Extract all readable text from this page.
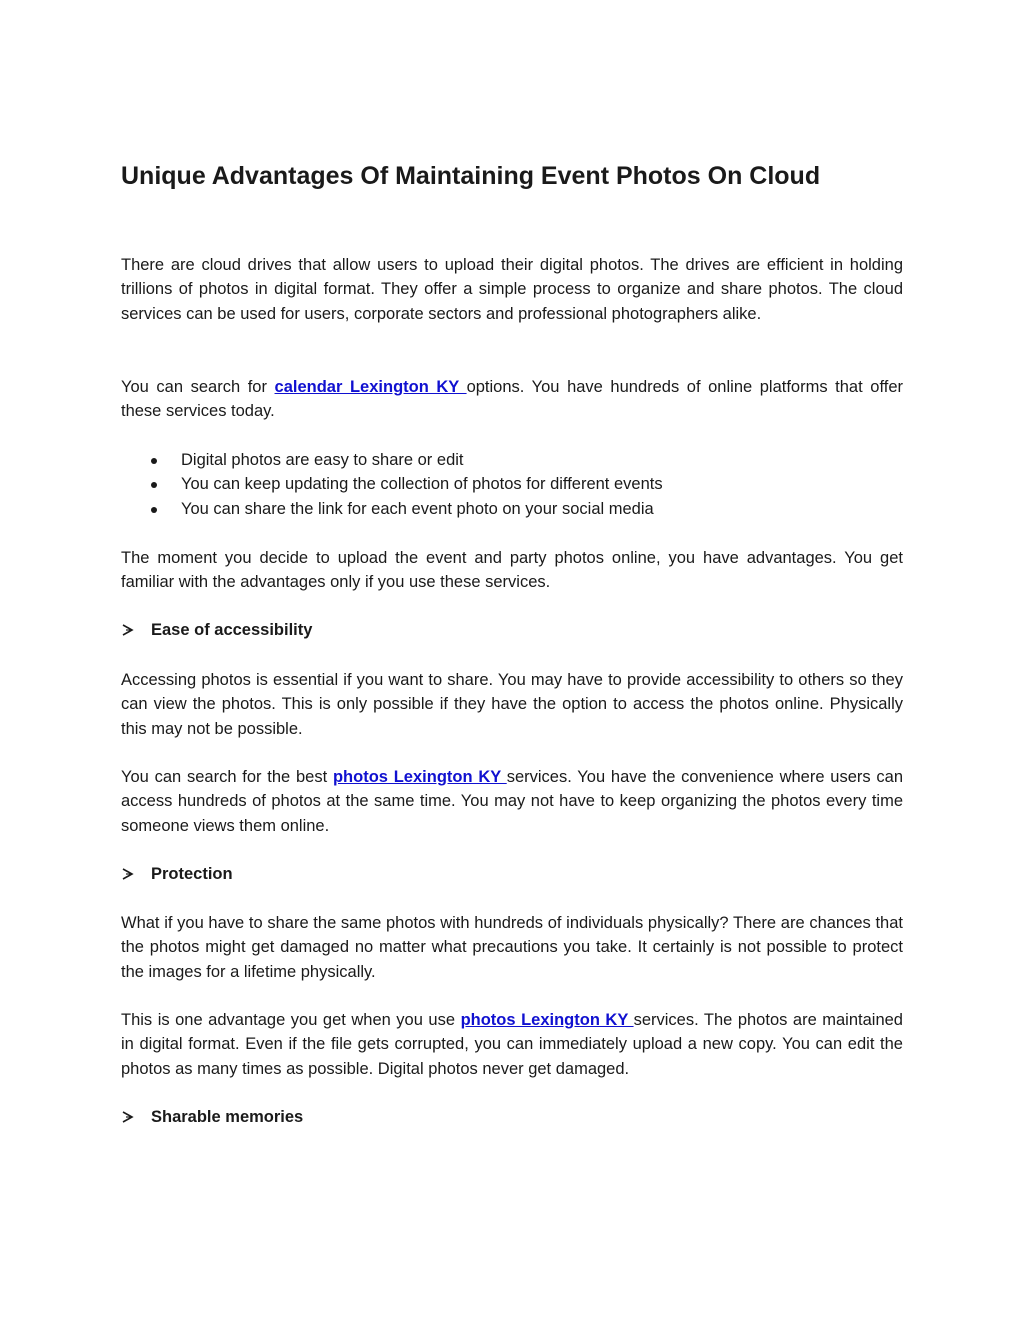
Unique Advantages Of Maintaining Event Photos On Cloud

There are cloud drives that allow users to upload their digital photos. The drives are efficient in holding trillions of photos in digital format. They offer a simple process to organize and share photos. The cloud services can be used for users, corporate sectors and professional photographers alike.

You can search for calendar Lexington KY options. You have hundreds of online platforms that offer these services today.

Digital photos are easy to share or edit
You can keep updating the collection of photos for different events
You can share the link for each event photo on your social media

The moment you decide to upload the event and party photos online, you have advantages. You get familiar with the advantages only if you use these services.

Ease of accessibility

Accessing photos is essential if you want to share. You may have to provide accessibility to others so they can view the photos. This is only possible if they have the option to access the photos online. Physically this may not be possible.

You can search for the best photos Lexington KY services. You have the convenience where users can access hundreds of photos at the same time. You may not have to keep organizing the photos every time someone views them online.

Protection

What if you have to share the same photos with hundreds of individuals physically? There are chances that the photos might get damaged no matter what precautions you take. It certainly is not possible to protect the images for a lifetime physically.

This is one advantage you get when you use photos Lexington KY services. The photos are maintained in digital format. Even if the file gets corrupted, you can immediately upload a new copy. You can edit the photos as many times as possible. Digital photos never get damaged.

Sharable memories
